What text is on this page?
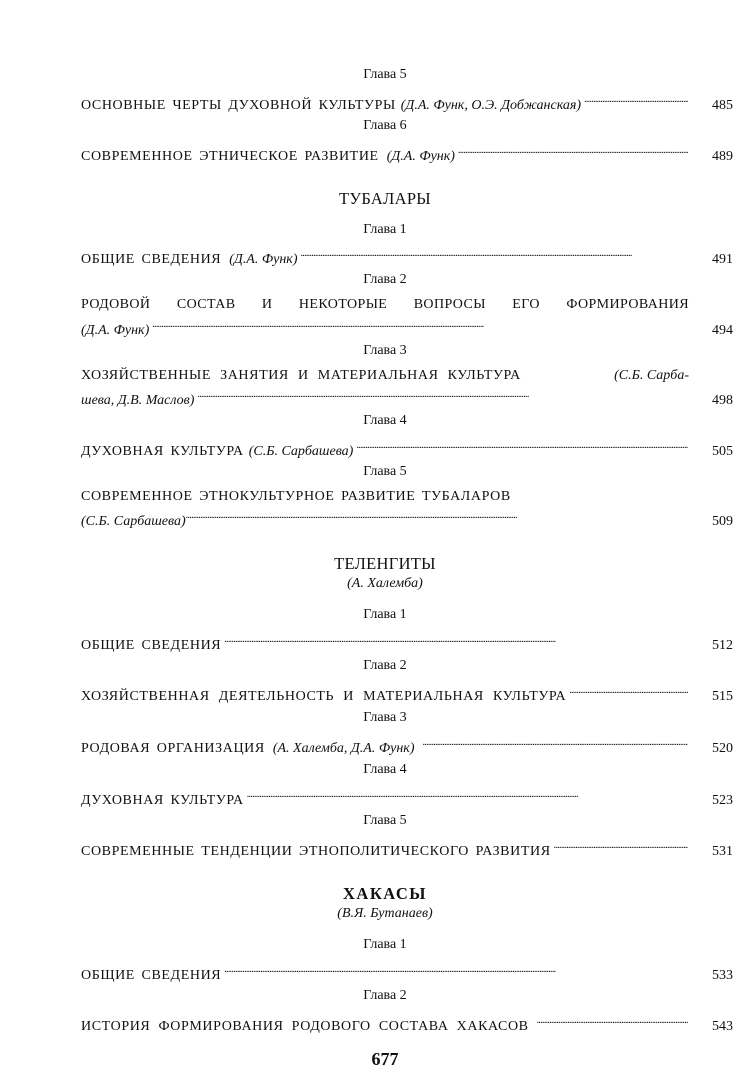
Глава 5
ОСНОВНЫЕ ЧЕРТЫ ДУХОВНОЙ КУЛЬТУРЫ (Д.А. Функ, О.Э. Добжанская) . . .	485
Глава 6
СОВРЕМЕННОЕ ЭТНИЧЕСКОЕ РАЗВИТИЕ (Д.А. Функ) . . .	489
ТУБАЛАРЫ
Глава 1
ОБЩИЕ СВЕДЕНИЯ (Д.А. Функ) . . .	491
Глава 2
РОДОВОЙ СОСТАВ И НЕКОТОРЫЕ ВОПРОСЫ ЕГО ФОРМИРОВАНИЯ
(Д.А. Функ) . . .	494
Глава 3
ХОЗЯЙСТВЕННЫЕ ЗАНЯТИЯ И МАТЕРИАЛЬНАЯ КУЛЬТУРА	(С.Б. Сарба-
шева, Д.В. Маслов) . . .	498
Глава 4
ДУХОВНАЯ КУЛЬТУРА (С.Б. Сарбашева) . . .	505
Глава 5
СОВРЕМЕННОЕ ЭТНОКУЛЬТУРНОЕ РАЗВИТИЕ ТУБАЛАРОВ
(С.Б. Сарбашева) . . .	509
ТЕЛЕНГИТЫ
(А. Халемба)
Глава 1
ОБЩИЕ СВЕДЕНИЯ . . .	512
Глава 2
ХОЗЯЙСТВЕННАЯ ДЕЯТЕЛЬНОСТЬ И МАТЕРИАЛЬНАЯ КУЛЬТУРА . . .	515
Глава 3
РОДОВАЯ ОРГАНИЗАЦИЯ (А. Халемба, Д.А. Функ) . . .	520
Глава 4
ДУХОВНАЯ КУЛЬТУРА . . .	523
Глава 5
СОВРЕМЕННЫЕ ТЕНДЕНЦИИ ЭТНОПОЛИТИЧЕСКОГО РАЗВИТИЯ . . .	531
ХАКАСЫ
(В.Я. Бутанаев)
Глава 1
ОБЩИЕ СВЕДЕНИЯ . . .	533
Глава 2
ИСТОРИЯ ФОРМИРОВАНИЯ РОДОВОГО СОСТАВА ХАКАСОВ . . .	543
677
